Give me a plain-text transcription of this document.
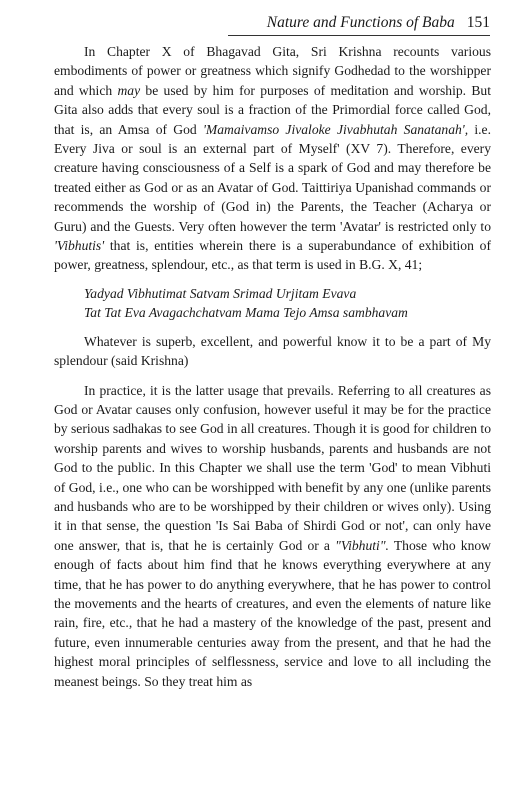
Nature and Functions of Baba 151

In Chapter X of Bhagavad Gita, Sri Krishna recounts various embodiments of power or greatness which signify Godhedad to the worshipper and which may be used by him for purposes of meditation and worship. But Gita also adds that every soul is a fraction of the Primordial force called God, that is, an Amsa of God 'Mamaivamso Jivaloke Jivabhutah Sanatanah', i.e. Every Jiva or soul is an external part of Myself' (XV 7). Therefore, every creature having consciousness of a Self is a spark of God and may therefore be treated either as God or as an Avatar of God. Taittiriya Upanishad commands or recommends the worship of (God in) the Parents, the Teacher (Acharya or Guru) and the Guests. Very often however the term 'Avatar' is restricted only to 'Vibhutis' that is, entities wherein there is a superabundance of exhibition of power, greatness, splendour, etc., as that term is used in B.G. X, 41;

Yadyad Vibhutimat Satvam Srimad Urjitam Evava
Tat Tat Eva Avagachchatvam Mama Tejo Amsa sambhavam

Whatever is superb, excellent, and powerful know it to be a part of My splendour (said Krishna)

In practice, it is the latter usage that prevails. Referring to all creatures as God or Avatar causes only confusion, however useful it may be for the practice by serious sadhakas to see God in all creatures. Though it is good for children to worship parents and wives to worship husbands, parents and husbands are not God to the public. In this Chapter we shall use the term 'God' to mean Vibhuti of God, i.e., one who can be worshipped with benefit by any one (unlike parents and husbands who are to be worshipped by their children or wives only). Using it in that sense, the question 'Is Sai Baba of Shirdi God or not', can only have one answer, that is, that he is certainly God or a "Vibhuti". Those who know enough of facts about him find that he knows everything everywhere at any time, that he has power to do anything everywhere, that he has power to control the movements and the hearts of creatures, and even the elements of nature like rain, fire, etc., that he had a mastery of the knowledge of the past, present and future, even innumerable centuries away from the present, and that he had the highest moral principles of selflessness, service and love to all including the meanest beings. So they treat him as
